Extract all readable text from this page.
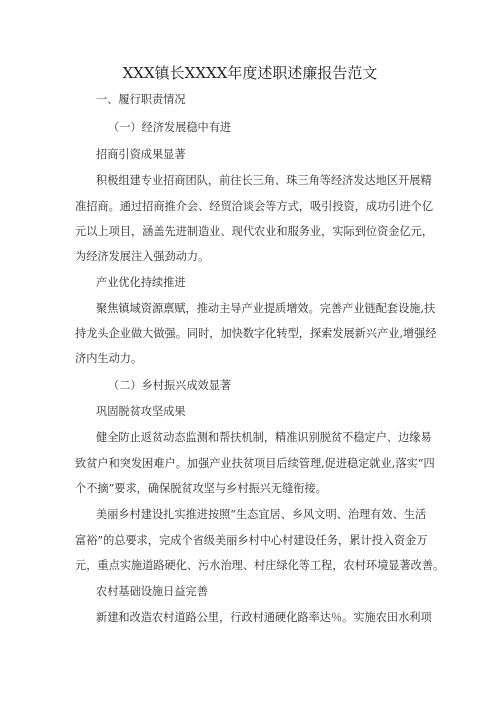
XXX镇长XXXX年度述职述廉报告范文
一、履行职责情况
（一）经济发展稳中有进
招商引资成果显著
积极组建专业招商团队，前往长三角、珠三角等经济发达地区开展精
准招商。通过招商推介会、经贸洽谈会等方式，吸引投资，成功引进个亿
元以上项目，涵盖先进制造业、现代农业和服务业，实际到位资金亿元，
为经济发展注入强劲动力。
产业优化持续推进
聚焦镇域资源禀赋，推动主导产业提质增效。完善产业链配套设施,扶
持龙头企业做大做强。同时，加快数字化转型，探索发展新兴产业,增强经
济内生动力。
（二）乡村振兴成效显著
巩固脱贫攻坚成果
健全防止返贫动态监测和帮扶机制，精准识别脱贫不稳定户、边缘易
致贫户和突发困难户。加强产业扶贫项目后续管理,促进稳定就业,落实“四
个不摘”要求，确保脱贫攻坚与乡村振兴无缝衔接。
美丽乡村建设扎实推进按照“生态宜居、乡风文明、治理有效、生活
富裕”的总要求，完成个省级美丽乡村中心村建设任务，累计投入资金万
元，重点实施道路硬化、污水治理、村庄绿化等工程，农村环境显著改善。
农村基础设施日益完善
新建和改造农村道路公里，行政村通硬化路率达％。实施农田水利项
